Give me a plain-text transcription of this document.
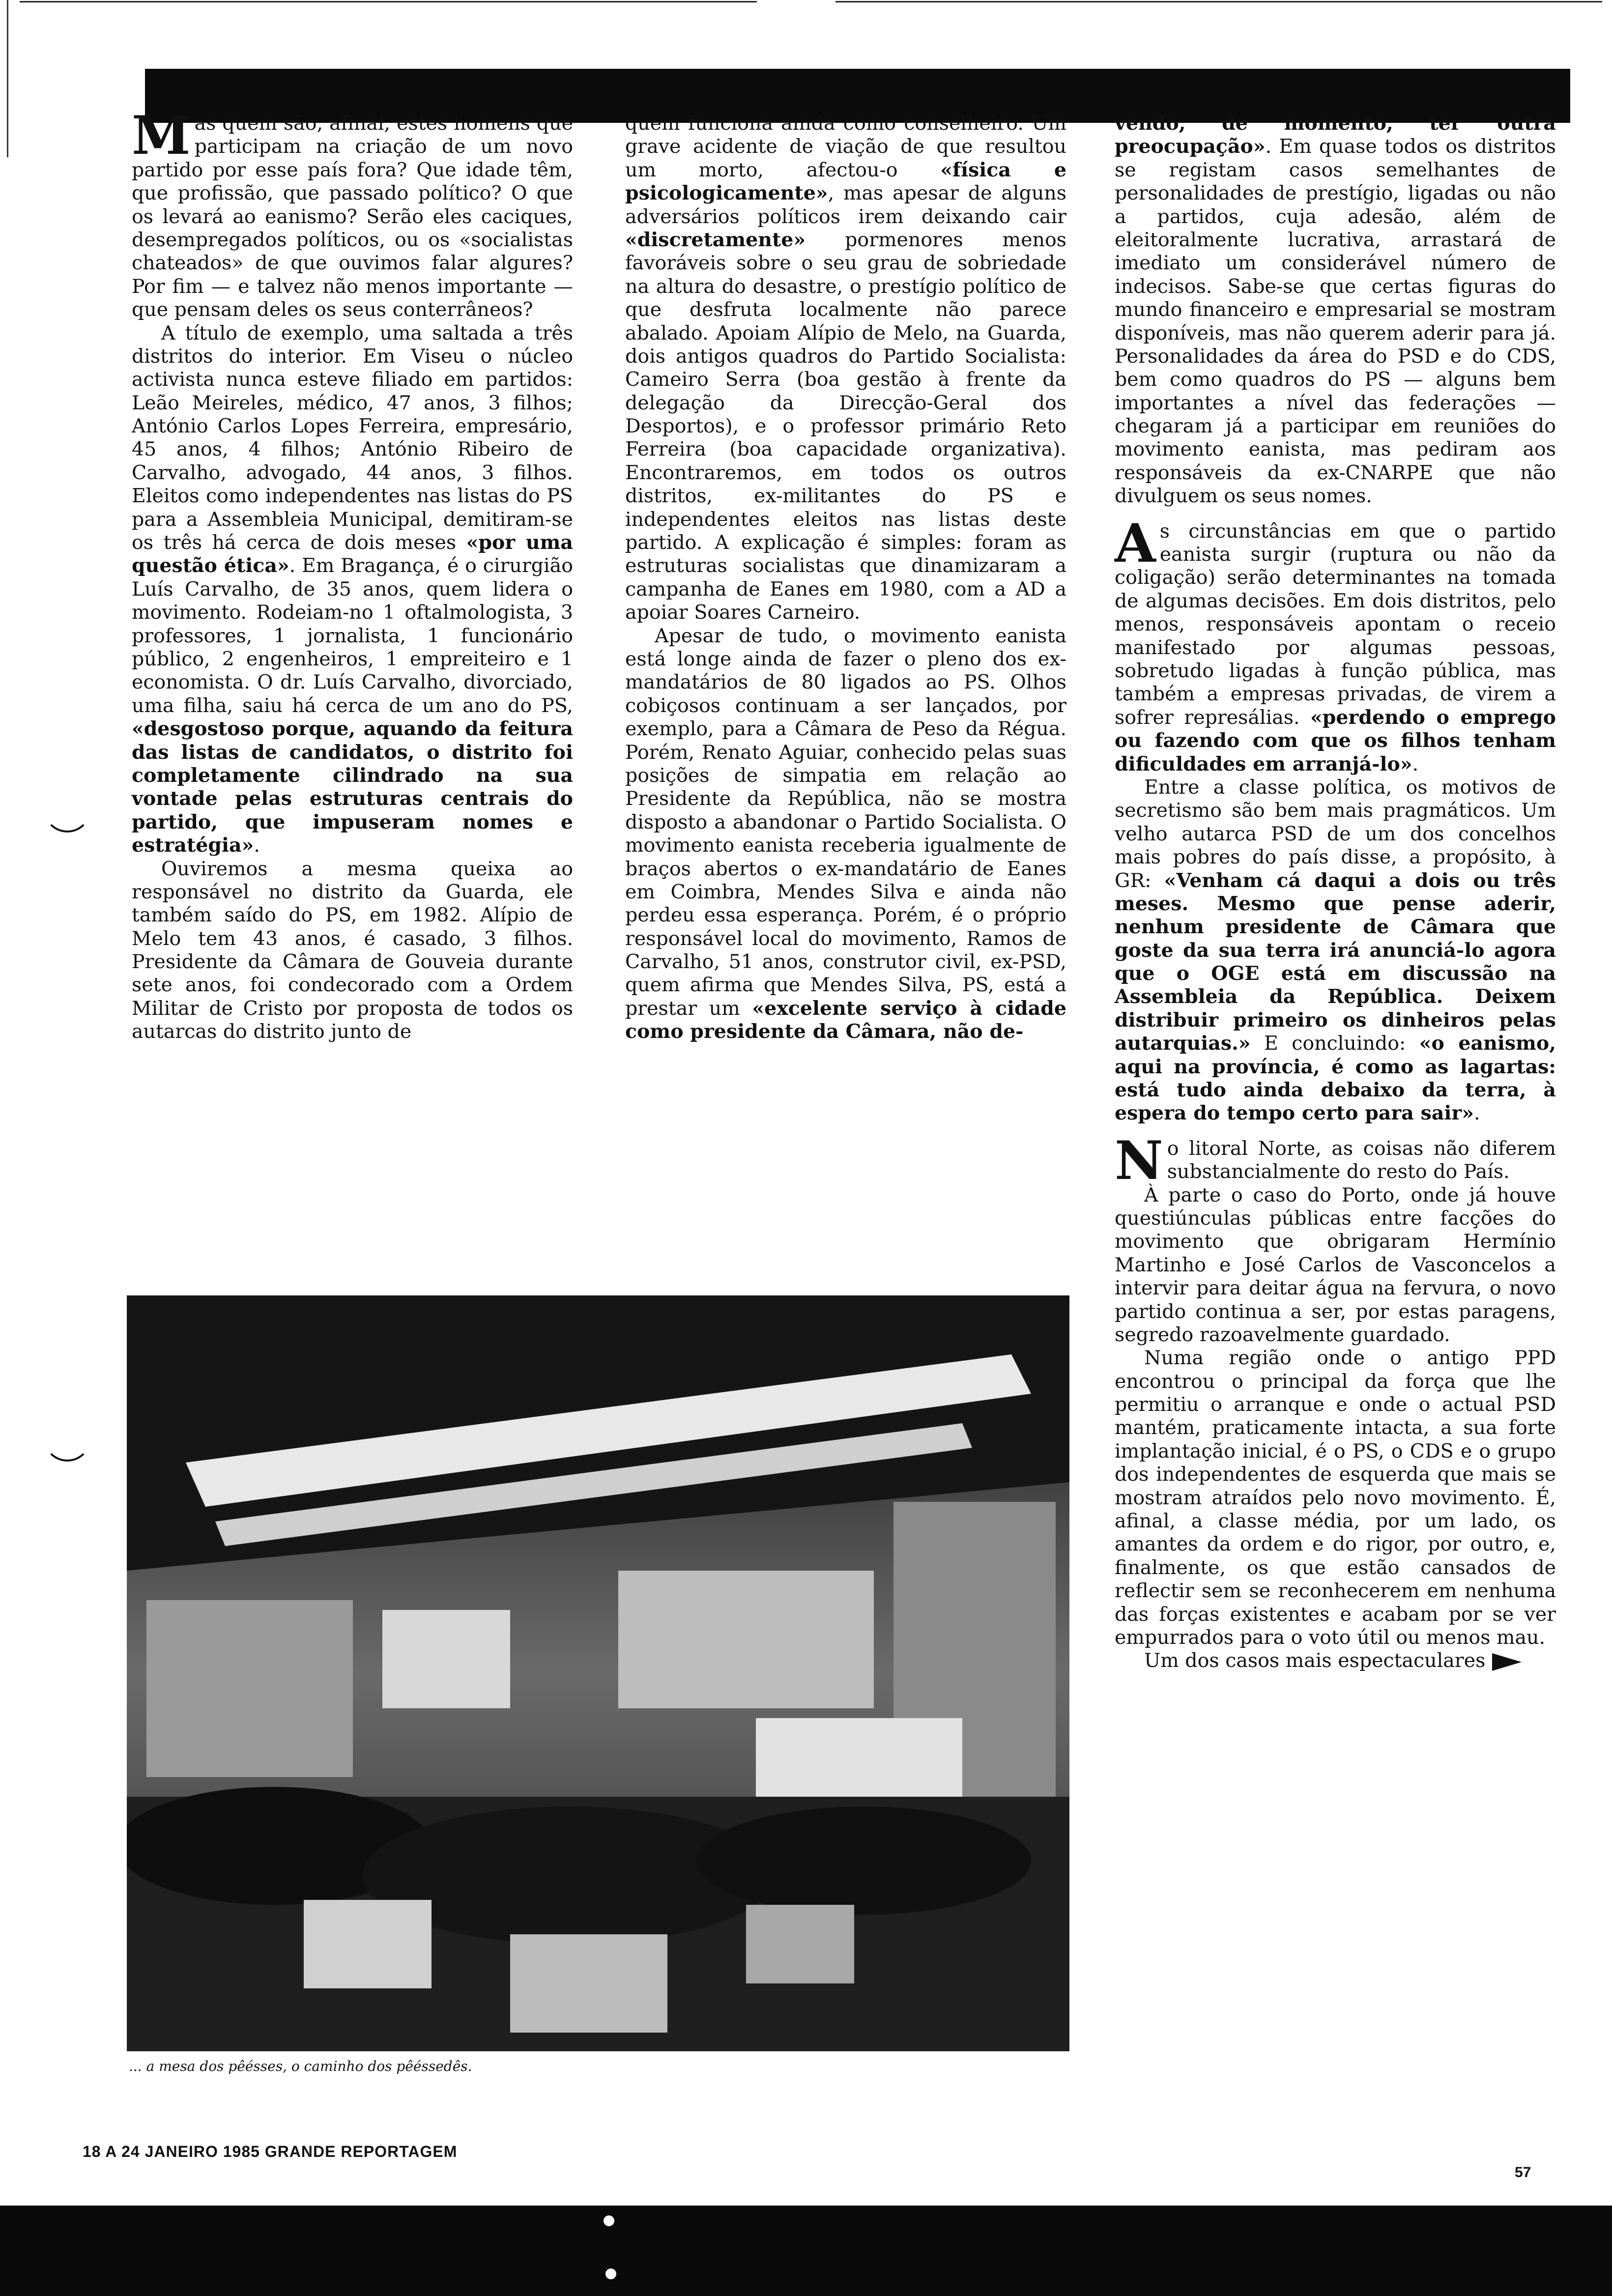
Mas quem são, afinal, estes homens que participam na criação de um novo partido por esse país fora? Que idade têm, que profissão, que passado político? O que os levará ao eanismo? Serão eles caciques, desempregados políticos, ou os «socialistas chateados» de que ouvimos falar algures? Por fim — e talvez não menos importante — que pensam deles os seus conterrâneos?

A título de exemplo, uma saltada a três distritos do interior. Em Viseu o núcleo activista nunca esteve filiado em partidos: Leão Meireles, médico, 47 anos, 3 filhos; António Carlos Lopes Ferreira, empresário, 45 anos, 4 filhos; António Ribeiro de Carvalho, advogado, 44 anos, 3 filhos. Eleitos como independentes nas listas do PS para a Assembleia Municipal, demitiram-se os três há cerca de dois meses «por uma questão ética». Em Bragança, é o cirurgião Luís Carvalho, de 35 anos, quem lidera o movimento. Rodeiam-no 1 oftalmologista, 3 professores, 1 jornalista, 1 funcionário público, 2 engenheiros, 1 empreiteiro e 1 economista. O dr. Luís Carvalho, divorciado, uma filha, saiu há cerca de um ano do PS, «desgostoso porque, aquando da feitura das listas de candidatos, o distrito foi completamente cilindrado na sua vontade pelas estruturas centrais do partido, que impuseram nomes e estratégia».

Ouviremos a mesma queixa ao responsável no distrito da Guarda, ele também saído do PS, em 1982. Alípio de Melo tem 43 anos, é casado, 3 filhos. Presidente da Câmara de Gouveia durante sete anos, foi condecorado com a Ordem Militar de Cristo por proposta de todos os autarcas do distrito junto de

quem funciona ainda como conselheiro. Um grave acidente de viação de que resultou um morto, afectou-o «física e psicologicamente», mas apesar de alguns adversários políticos irem deixando cair «discretamente» pormenores menos favoráveis sobre o seu grau de sobriedade na altura do desastre, o prestígio político de que desfruta localmente não parece abalado. Apoiam Alípio de Melo, na Guarda, dois antigos quadros do Partido Socialista: Cameiro Serra (boa gestão à frente da delegação da Direcção-Geral dos Desportos), e o professor primário Reto Ferreira (boa capacidade organizativa). Encontraremos, em todos os outros distritos, ex-militantes do PS e independentes eleitos nas listas deste partido. A explicação é simples: foram as estruturas socialistas que dinamizaram a campanha de Eanes em 1980, com a AD a apoiar Soares Carneiro.

Apesar de tudo, o movimento eanista está longe ainda de fazer o pleno dos ex-mandatários de 80 ligados ao PS. Olhos cobiçosos continuam a ser lançados, por exemplo, para a Câmara de Peso da Régua. Porém, Renato Aguiar, conhecido pelas suas posições de simpatia em relação ao Presidente da República, não se mostra disposto a abandonar o Partido Socialista. O movimento eanista receberia igualmente de braços abertos o ex-mandatário de Eanes em Coimbra, Mendes Silva e ainda não perdeu essa esperança. Porém, é o próprio responsável local do movimento, Ramos de Carvalho, 51 anos, construtor civil, ex-PSD, quem afirma que Mendes Silva, PS, está a prestar um «excelente serviço à cidade como presidente da Câmara, não de-

vendo, de momento, ter outra preocupação». Em quase todos os distritos se registam casos semelhantes de personalidades de prestígio, ligadas ou não a partidos, cuja adesão, além de eleitoralmente lucrativa, arrastará de imediato um considerável número de indecisos. Sabe-se que certas figuras do mundo financeiro e empresarial se mostram disponíveis, mas não querem aderir para já. Personalidades da área do PSD e do CDS, bem como quadros do PS — alguns bem importantes a nível das federações — chegaram já a participar em reuniões do movimento eanista, mas pediram aos responsáveis da ex-CNARPE que não divulguem os seus nomes.

As circunstâncias em que o partido eanista surgir (ruptura ou não da coligação) serão determinantes na tomada de algumas decisões. Em dois distritos, pelo menos, responsáveis apontam o receio manifestado por algumas pessoas, sobretudo ligadas à função pública, mas também a empresas privadas, de virem a sofrer represálias. «perdendo o emprego ou fazendo com que os filhos tenham dificuldades em arranjá-lo».

Entre a classe política, os motivos de secretismo são bem mais pragmáticos. Um velho autarca PSD de um dos concelhos mais pobres do país disse, a propósito, à GR: «Venham cá daqui a dois ou três meses. Mesmo que pense aderir, nenhum presidente de Câmara que goste da sua terra irá anunciá-lo agora que o OGE está em discussão na Assembleia da República. Deixem distribuir primeiro os dinheiros pelas autarquias.» E concluindo: «o eanismo, aqui na província, é como as lagartas: está tudo ainda debaixo da terra, à espera do tempo certo para sair».

No litoral Norte, as coisas não diferem substancialmente do resto do País.

À parte o caso do Porto, onde já houve questiúnculas públicas entre facções do movimento que obrigaram Hermínio Martinho e José Carlos de Vasconcelos a intervir para deitar água na fervura, o novo partido continua a ser, por estas paragens, segredo razoavelmente guardado.

Numa região onde o antigo PPD encontrou o principal da força que lhe permitiu o arranque e onde o actual PSD mantém, praticamente intacta, a sua forte implantação inicial, é o PS, o CDS e o grupo dos independentes de esquerda que mais se mostram atraídos pelo novo movimento. É, afinal, a classe média, por um lado, os amantes da ordem e do rigor, por outro, e, finalmente, os que estão cansados de reflectir sem se reconhecerem em nenhuma das forças existentes e acabam por se ver empurrados para o voto útil ou menos mau.

Um dos casos mais espectaculares

... a mesa dos pêésses, o caminho dos pêéssedês.
18 A 24 JANEIRO 1985 GRANDE REPORTAGEM
57
